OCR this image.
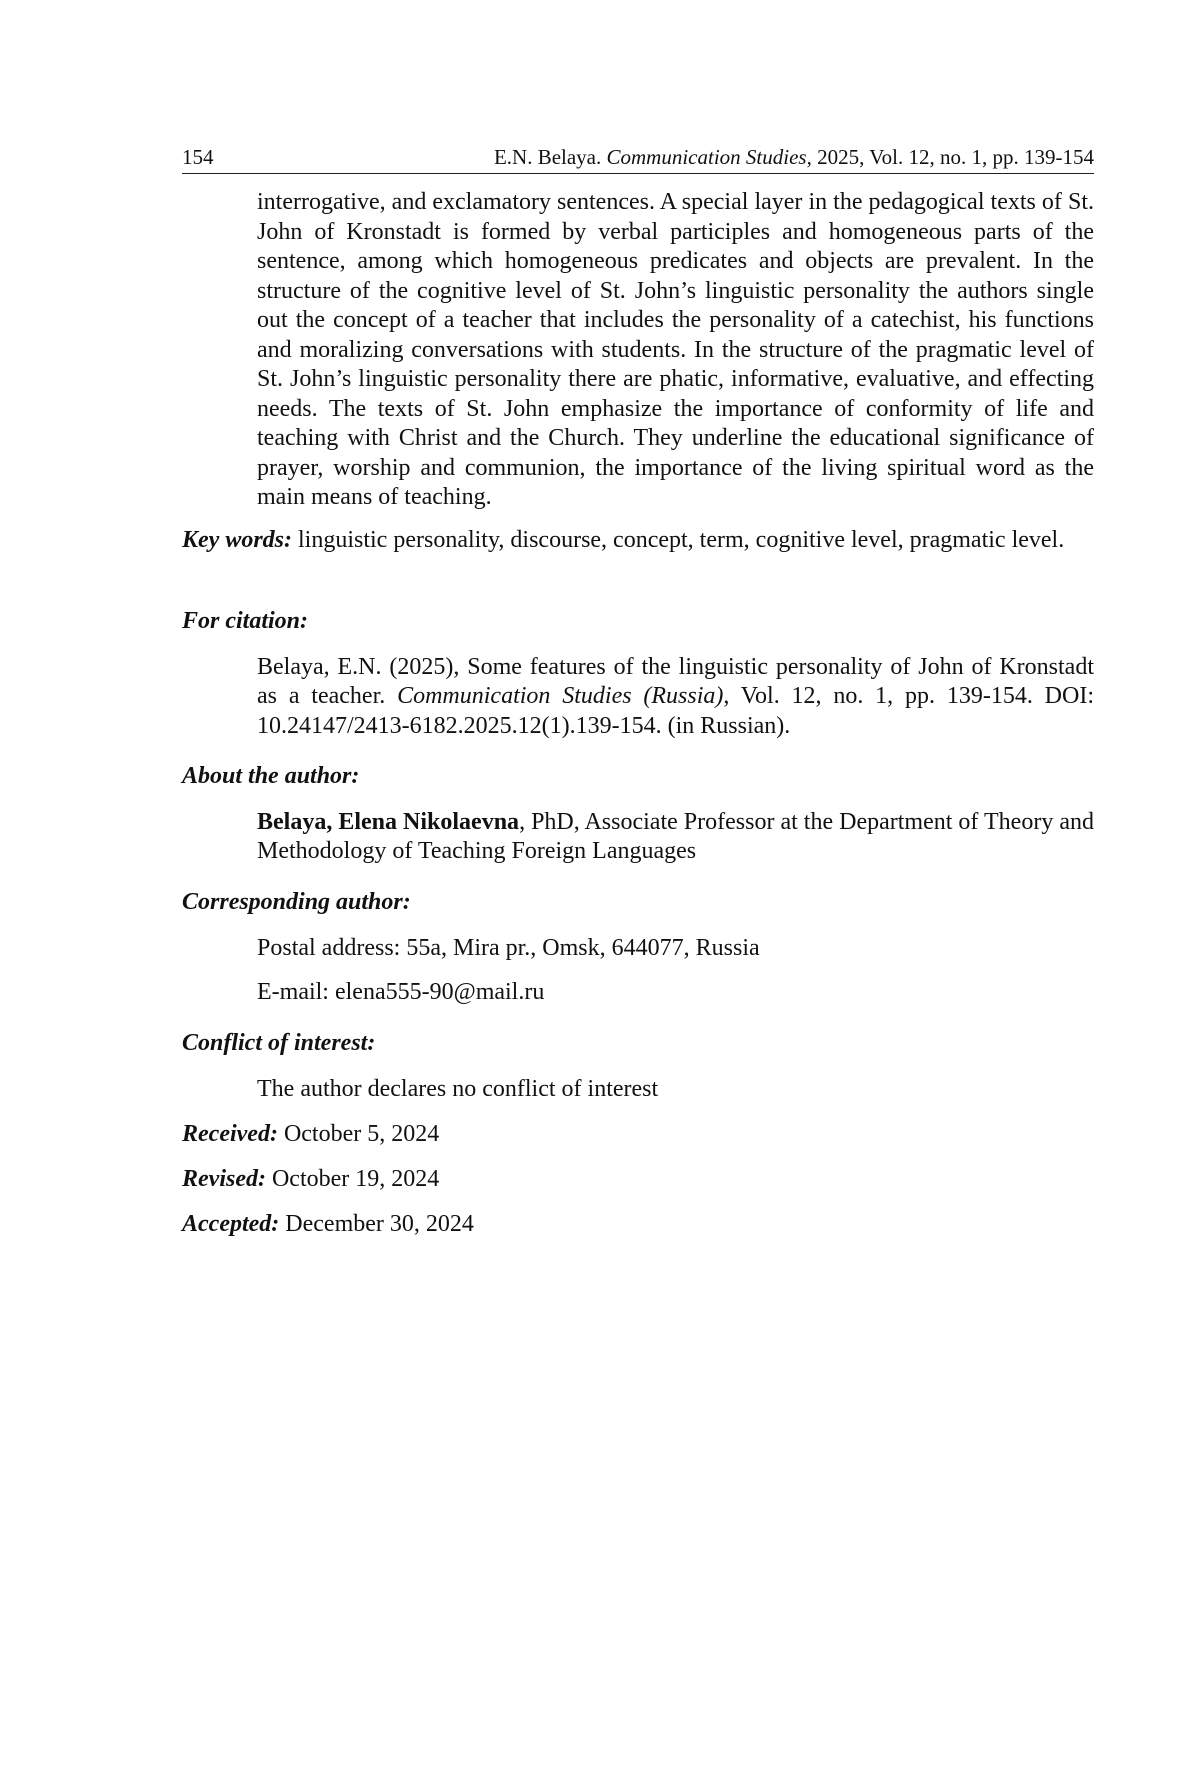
154	E.N. Belaya. Communication Studies, 2025, Vol. 12, no. 1, pp. 139-154
interrogative, and exclamatory sentences. A special layer in the pedagogical texts of St. John of Kronstadt is formed by verbal participles and homogeneous parts of the sentence, among which homogeneous predicates and objects are prevalent. In the structure of the cognitive level of St. John’s linguistic personality the authors single out the concept of a teacher that includes the personality of a catechist, his functions and moralizing conversations with students. In the structure of the pragmatic level of St. John’s linguistic personality there are phatic, informative, evaluative, and effecting needs. The texts of St. John emphasize the importance of conformity of life and teaching with Christ and the Church. They underline the educational significance of prayer, worship and communion, the importance of the living spiritual word as the main means of teaching.
Key words: linguistic personality, discourse, concept, term, cognitive level, pragmatic level.
For citation:
Belaya, E.N. (2025), Some features of the linguistic personality of John of Kronstadt as a teacher. Communication Studies (Russia), Vol. 12, no. 1, pp. 139-154. DOI: 10.24147/2413-6182.2025.12(1).139-154. (in Russian).
About the author:
Belaya, Elena Nikolaevna, PhD, Associate Professor at the Department of Theory and Methodology of Teaching Foreign Languages
Corresponding author:
Postal address: 55a, Mira pr., Omsk, 644077, Russia
E-mail: elena555-90@mail.ru
Conflict of interest:
The author declares no conflict of interest
Received: October 5, 2024
Revised: October 19, 2024
Accepted: December 30, 2024
